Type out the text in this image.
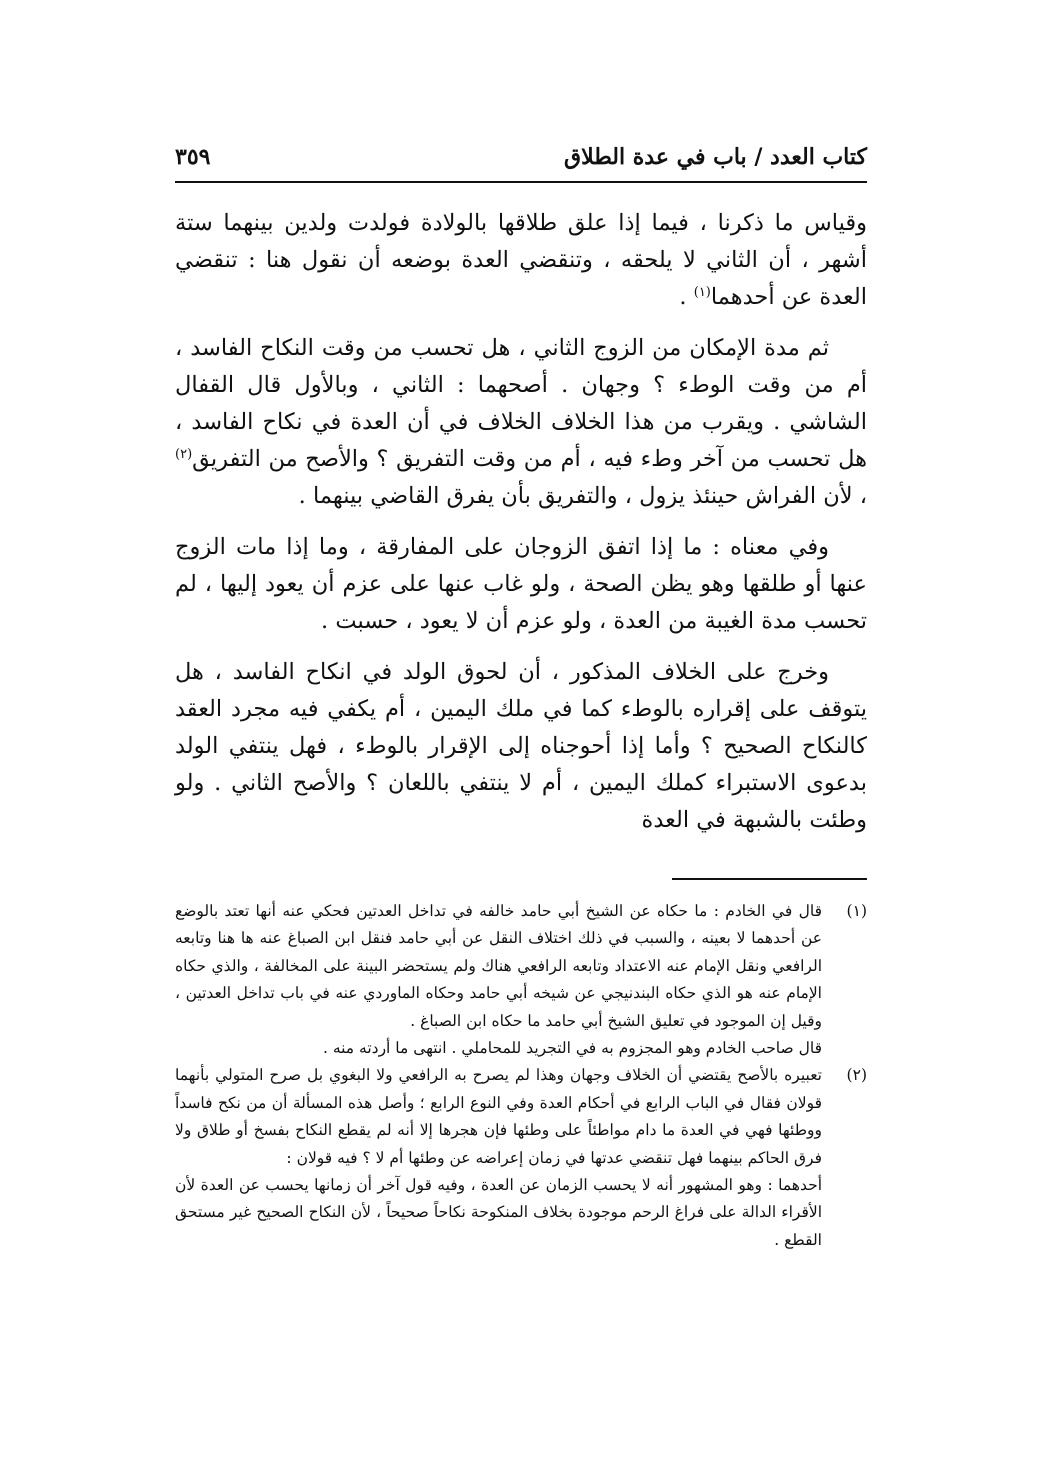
كتاب العدد / باب في عدة الطلاق
٣٥٩

وقياس ما ذكرنا ، فيما إذا علق طلاقها بالولادة فولدت ولدين بينهما ستة أشهر ، أن الثاني لا يلحقه ، وتنقضي العدة بوضعه أن نقول هنا : تنقضي العدة عن أحدهما$^{(١)}$ .

ثم مدة الإمكان من الزوج الثاني ، هل تحسب من وقت النكاح الفاسد ، أم من وقت الوطء ؟ وجهان . أصحهما : الثاني ، وبالأول قال القفال الشاشي . ويقرب من هذا الخلاف الخلاف في أن العدة في نكاح الفاسد ، هل تحسب من آخر وطء فيه ، أم من وقت التفريق ؟ والأصح من التفريق$^{(٢)}$ ، لأن الفراش حينئذ يزول ، والتفريق بأن يفرق القاضي بينهما .

وفي معناه : ما إذا اتفق الزوجان على المفارقة ، وما إذا مات الزوج عنها أو طلقها وهو يظن الصحة ، ولو غاب عنها على عزم أن يعود إليها ، لم تحسب مدة الغيبة من العدة ، ولو عزم أن لا يعود ، حسبت .

وخرج على الخلاف المذكور ، أن لحوق الولد في انكاح الفاسد ، هل يتوقف على إقراره بالوطء كما في ملك اليمين ، أم يكفي فيه مجرد العقد كالنكاح الصحيح ؟ وأما إذا أحوجناه إلى الإقرار بالوطء ، فهل ينتفي الولد بدعوى الاستبراء كملك اليمين ، أم لا ينتفي باللعان ؟ والأصح الثاني . ولو وطئت بالشبهة في العدة

(١)

قال في الخادم : ما حكاه عن الشيخ أبي حامد خالفه في تداخل العدتين فحكي عنه أنها تعتد بالوضع عن أحدهما لا بعينه ، والسبب في ذلك اختلاف النقل عن أبي حامد فنقل ابن الصباغ عنه ها هنا وتابعه الرافعي ونقل الإمام عنه الاعتداد وتابعه الرافعي هناك ولم يستحضر البينة على المخالفة ، والذي حكاه الإمام عنه هو الذي حكاه البندنيجي عن شيخه أبي حامد وحكاه الماوردي عنه في باب تداخل العدتين ، وقيل إن الموجود في تعليق الشيخ أبي حامد ما حكاه ابن الصباغ .

قال صاحب الخادم وهو المجزوم به في التجريد للمحاملي . انتهى ما أردته منه .

(٢)

تعبيره بالأصح يقتضي أن الخلاف وجهان وهذا لم يصرح به الرافعي ولا البغوي بل صرح المتولي بأنهما قولان فقال في الباب الرابع في أحكام العدة وفي النوع الرابع ؛ وأصل هذه المسألة أن من نكح فاسداً ووطئها فهي في العدة ما دام مواطئاً على وطئها فإن هجرها إلا أنه لم يقطع النكاح بفسخ أو طلاق ولا فرق الحاكم بينهما فهل تنقضي عدتها في زمان إعراضه عن وطئها أم لا ؟ فيه قولان :

أحدهما : وهو المشهور أنه لا يحسب الزمان عن العدة ، وفيه قول آخر أن زمانها يحسب عن العدة لأن الأقراء الدالة على فراغ الرحم موجودة بخلاف المنكوحة نكاحاً صحيحاً ، لأن النكاح الصحيح غير مستحق القطع .
